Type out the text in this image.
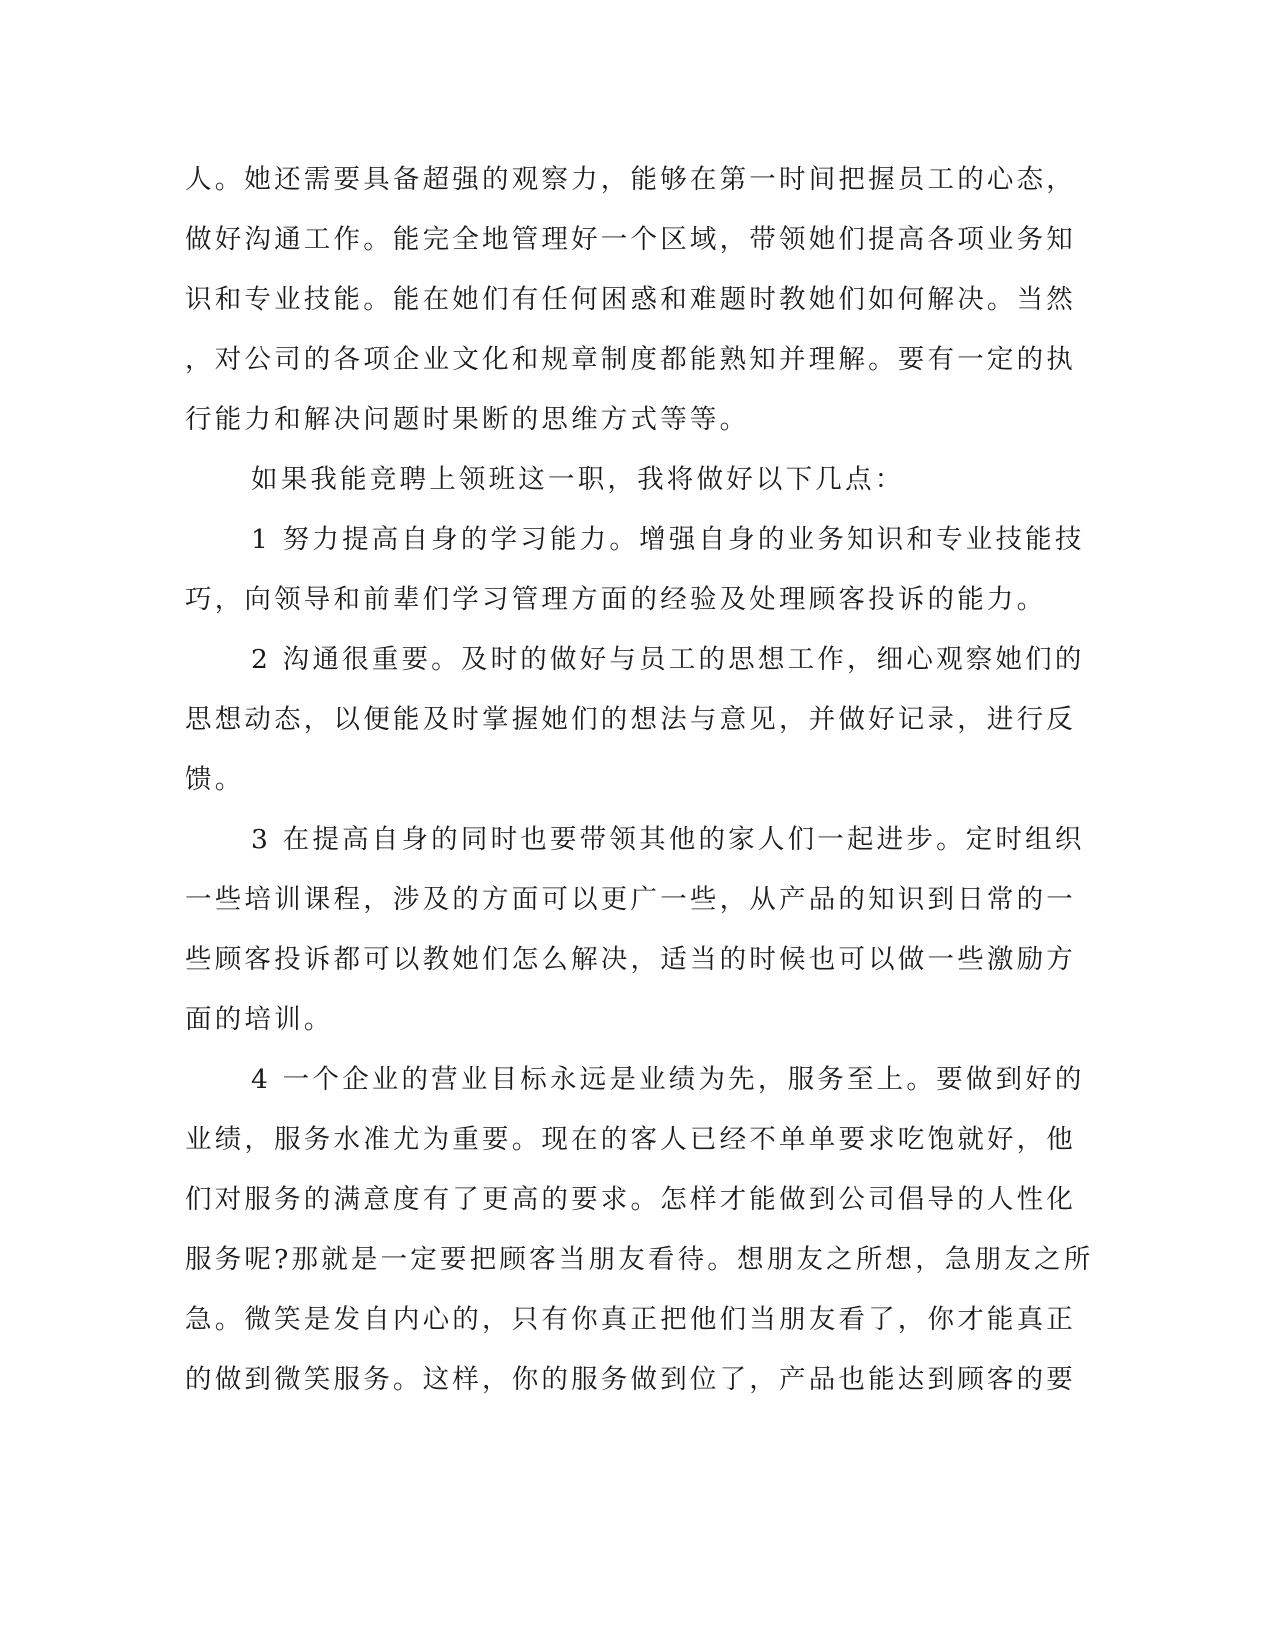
人。她还需要具备超强的观察力，能够在第一时间把握员工的心态，
做好沟通工作。能完全地管理好一个区域，带领她们提高各项业务知
识和专业技能。能在她们有任何困惑和难题时教她们如何解决。当然
，对公司的各项企业文化和规章制度都能熟知并理解。要有一定的执
行能力和解决问题时果断的思维方式等等。
如果我能竞聘上领班这一职，我将做好以下几点：
1 努力提高自身的学习能力。增强自身的业务知识和专业技能技
巧，向领导和前辈们学习管理方面的经验及处理顾客投诉的能力。
2 沟通很重要。及时的做好与员工的思想工作，细心观察她们的
思想动态，以便能及时掌握她们的想法与意见，并做好记录，进行反
馈。
3 在提高自身的同时也要带领其他的家人们一起进步。定时组织
一些培训课程，涉及的方面可以更广一些，从产品的知识到日常的一
些顾客投诉都可以教她们怎么解决，适当的时候也可以做一些激励方
面的培训。
4 一个企业的营业目标永远是业绩为先，服务至上。要做到好的
业绩，服务水准尤为重要。现在的客人已经不单单要求吃饱就好，他
们对服务的满意度有了更高的要求。怎样才能做到公司倡导的人性化
服务呢?那就是一定要把顾客当朋友看待。想朋友之所想，急朋友之所
急。微笑是发自内心的，只有你真正把他们当朋友看了，你才能真正
的做到微笑服务。这样，你的服务做到位了，产品也能达到顾客的要
